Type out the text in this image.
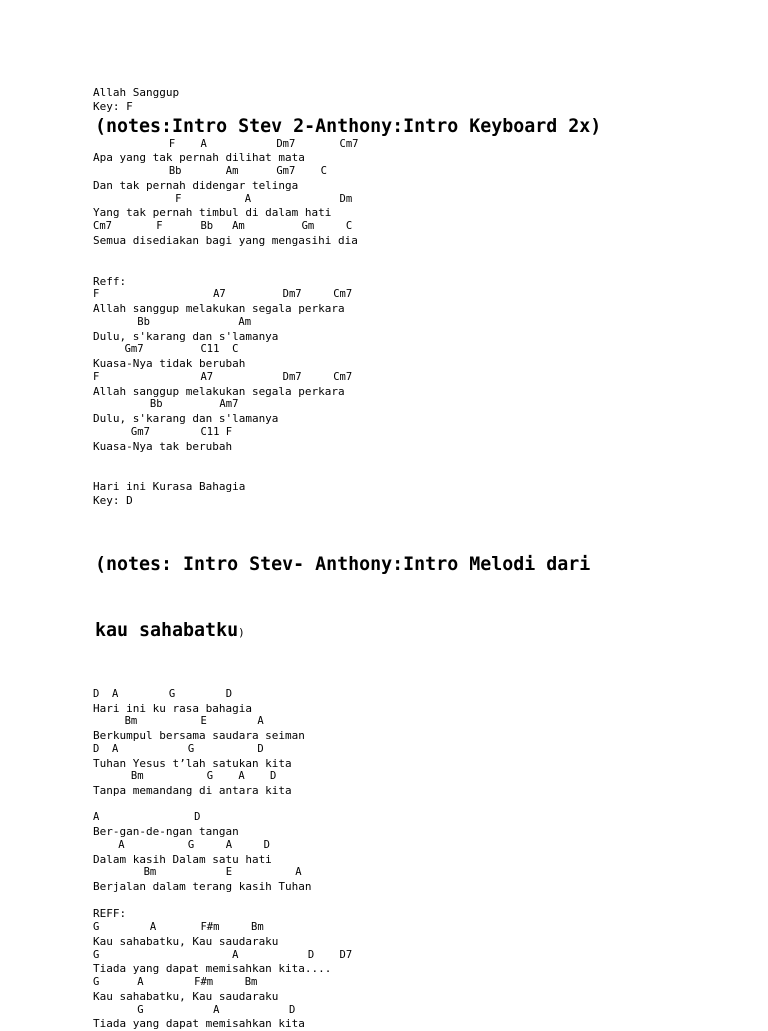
Allah Sanggup
Key: F
(notes:Intro Stev 2-Anthony:Intro Keyboard 2x)
F    A           Dm7       Cm7
Apa yang tak pernah dilihat mata
Bb       Am      Gm7    C
Dan tak pernah didengar telinga
F          A              Dm
Yang tak pernah timbul di dalam hati
Cm7       F      Bb   Am         Gm     C
Semua disediakan bagi yang mengasihi dia
Reff:
F                  A7         Dm7     Cm7
Allah sanggup melakukan segala perkara
Bb              Am
Dulu, s'karang dan s'lamanya
Gm7         C11  C
Kuasa-Nya tidak berubah
F                A7           Dm7     Cm7
Allah sanggup melakukan segala perkara
Bb         Am7
Dulu, s'karang dan s'lamanya
Gm7        C11 F
Kuasa-Nya tak berubah
Hari ini Kurasa Bahagia
Key: D

(notes: Intro Stev- Anthony:Intro Melodi dari

kau sahabatku)

D  A        G        D
Hari ini ku rasa bahagia
Bm          E        A
Berkumpul bersama saudara seiman
D  A           G          D
Tuhan Yesus t’lah satukan kita
Bm          G    A    D
Tanpa memandang di antara kita
A               D
Ber-gan-de-ngan tangan
A          G     A     D
Dalam kasih Dalam satu hati
Bm           E          A
Berjalan dalam terang kasih Tuhan
REFF:
G        A       F#m     Bm
Kau sahabatku, Kau saudaraku
G                     A           D    D7
Tiada yang dapat memisahkan kita....
G      A        F#m     Bm
Kau sahabatku, Kau saudaraku
G           A           D
Tiada yang dapat memisahkan kita
